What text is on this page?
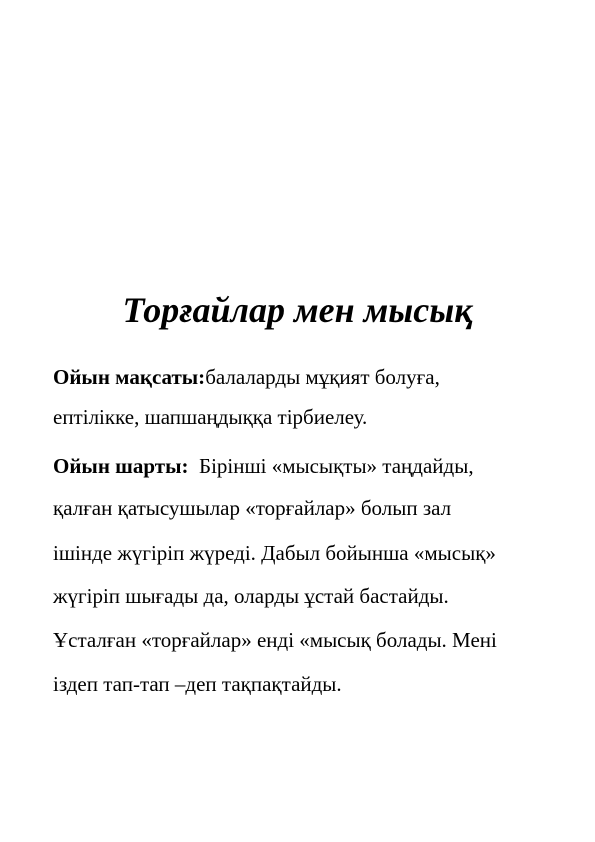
Торғайлар мен мысық
Ойын мақсаты:балаларды мұқият болуға,
ептілікке, шапшаңдыққа тірбиелеу.
Ойын шарты:  Бірінші «мысықты» таңдайды,
қалған қатысушылар «торғайлар» болып зал
ішінде жүгіріп жүреді. Дабыл бойынша «мысық»
жүгіріп шығады да, оларды ұстай бастайды.
Ұсталған «торғайлар» енді «мысық болады. Мені
іздеп тап-тап –деп тақпақтайды.
